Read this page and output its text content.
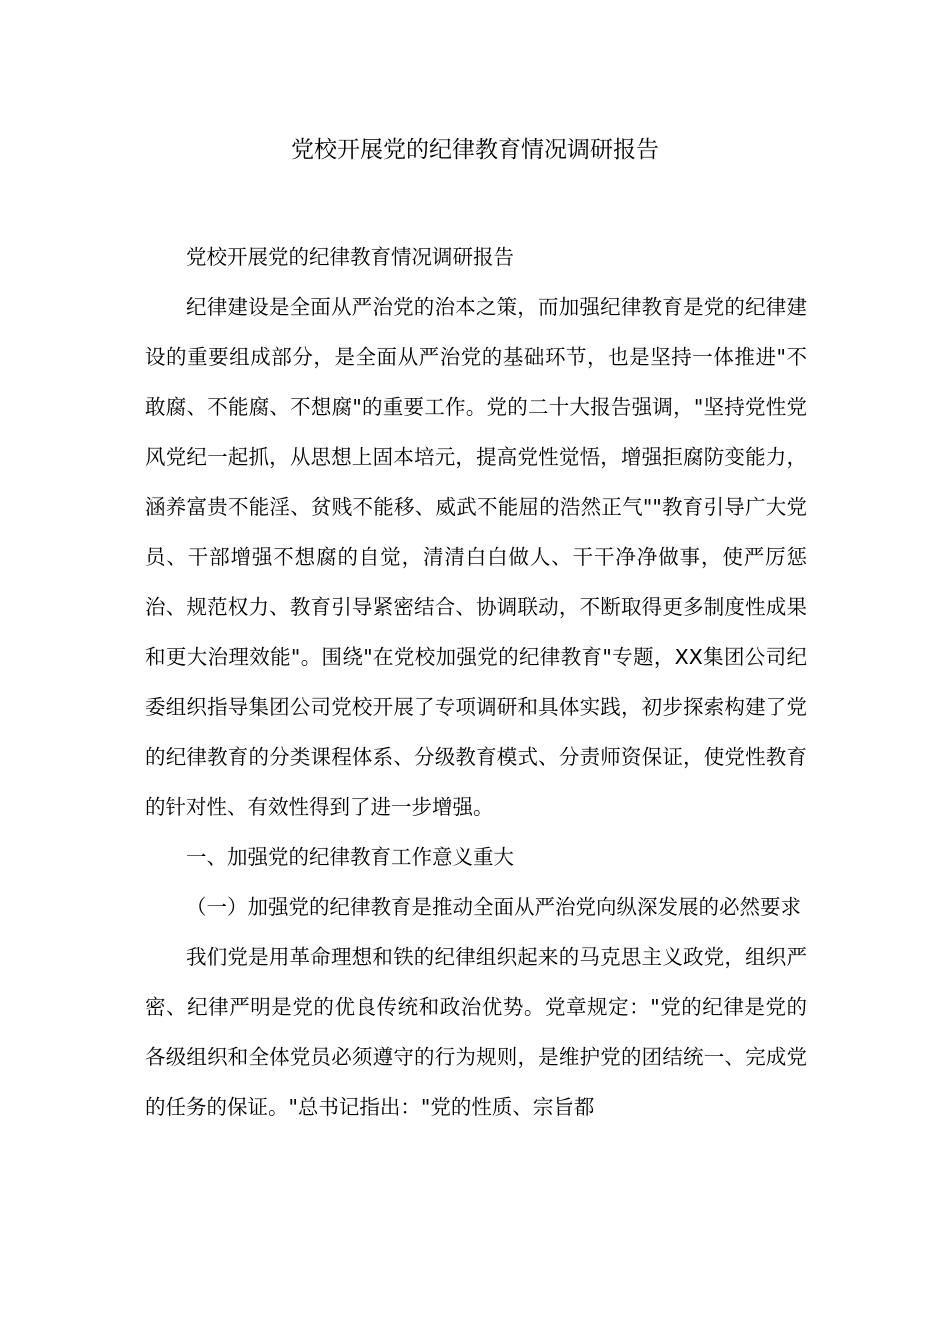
党校开展党的纪律教育情况调研报告

党校开展党的纪律教育情况调研报告

纪律建设是全面从严治党的治本之策，而加强纪律教育是党的纪律建设的重要组成部分，是全面从严治党的基础环节，也是坚持一体推进"不敢腐、不能腐、不想腐"的重要工作。党的二十大报告强调，"坚持党性党风党纪一起抓，从思想上固本培元，提高党性觉悟，增强拒腐防变能力，涵养富贵不能淫、贫贱不能移、威武不能屈的浩然正气""教育引导广大党员、干部增强不想腐的自觉，清清白白做人、干干净净做事，使严厉惩治、规范权力、教育引导紧密结合、协调联动，不断取得更多制度性成果和更大治理效能"。围绕"在党校加强党的纪律教育"专题，XX集团公司纪委组织指导集团公司党校开展了专项调研和具体实践，初步探索构建了党的纪律教育的分类课程体系、分级教育模式、分责师资保证，使党性教育的针对性、有效性得到了进一步增强。

一、加强党的纪律教育工作意义重大

（一）加强党的纪律教育是推动全面从严治党向纵深发展的必然要求

我们党是用革命理想和铁的纪律组织起来的马克思主义政党，组织严密、纪律严明是党的优良传统和政治优势。党章规定："党的纪律是党的各级组织和全体党员必须遵守的行为规则，是维护党的团结统一、完成党的任务的保证。"总书记指出："党的性质、宗旨都
